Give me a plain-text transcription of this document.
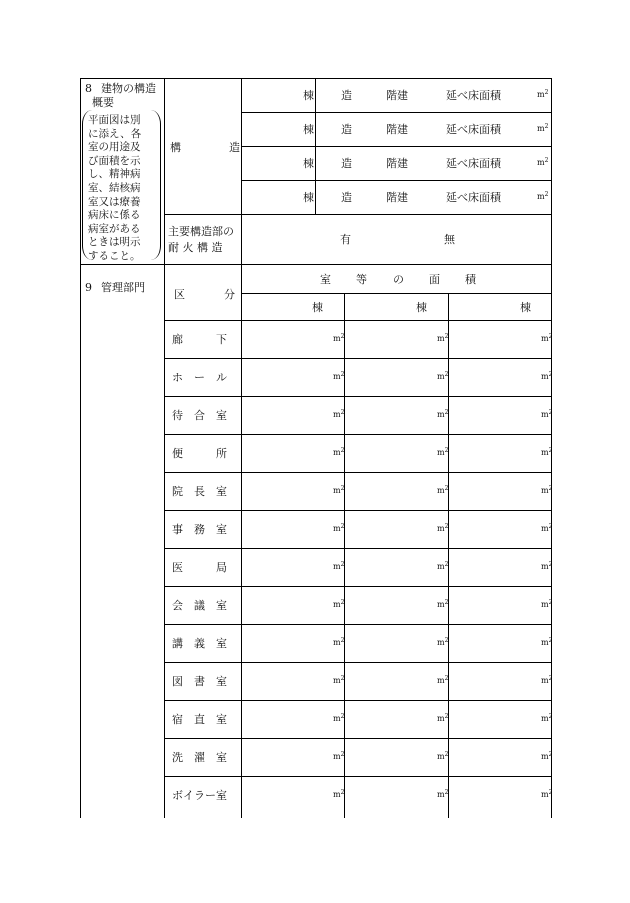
8 建物の構造
概要
平面図は別
に添え、各
室の用途及
び面積を示
し、精神病
室、結核病
室又は療養
病床に係る
病室がある
ときは明示
すること。
構	造
棟 造	階建	延べ床面積	$m^2$
棟 造	階建	延べ床面積	$m^2$
棟 造	階建	延べ床面積	$m^2$
棟 造	階建	延べ床面積	$m^2$
主要構造部の
耐 火 構 造
有	無
9 管理部門
区	分
室 等 の 面 積
棟	棟	棟
廊　　　下	$m^2$	$m^2$	$m^2$
ホ　ー　ル	$m^2$	$m^2$	$m^2$
待　合　室	$m^2$	$m^2$	$m^2$
便　　　所	$m^2$	$m^2$	$m^2$
院　長　室	$m^2$	$m^2$	$m^2$
事　務　室	$m^2$	$m^2$	$m^2$
医　　　局	$m^2$	$m^2$	$m^2$
会　議　室	$m^2$	$m^2$	$m^2$
講　義　室	$m^2$	$m^2$	$m^2$
図　書　室	$m^2$	$m^2$	$m^2$
宿　直　室	$m^2$	$m^2$	$m^2$
洗　濯　室	$m^2$	$m^2$	$m^2$
ボイラー室	$m^2$	$m^2$	$m^2$
